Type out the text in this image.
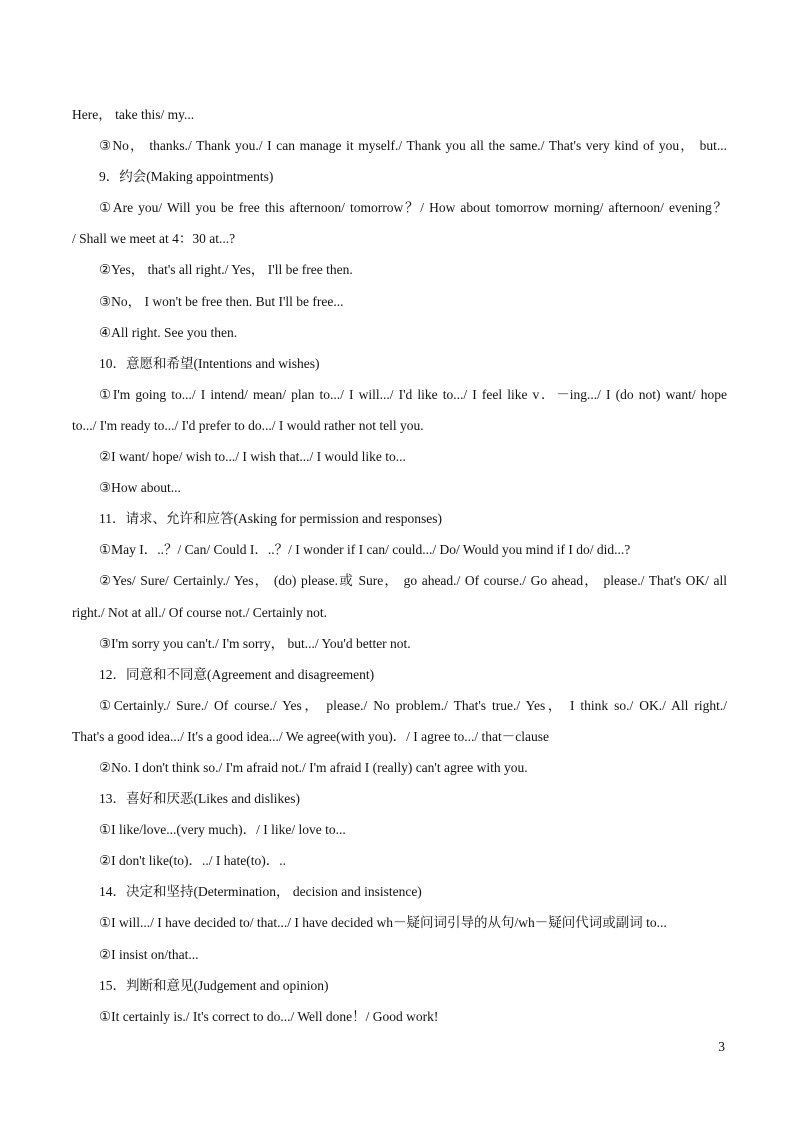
Here， take this/ my...
③No， thanks./ Thank you./ I can manage it myself./ Thank you all the same./ That's very kind of you， but...
9．约会(Making appointments)
①Are you/ Will you be free this afternoon/ tomorrow？/ How about tomorrow morning/ afternoon/ evening？
/ Shall we meet at 4：30 at...?
②Yes， that's all right./ Yes， I'll be free then.
③No， I won't be free then. But I'll be free...
④All right. See you then.
10．意愿和希望(Intentions and wishes)
①I'm going to.../ I intend/ mean/ plan to.../ I will.../ I'd like to.../ I feel like v．－ing.../ I (do not) want/ hope
to.../ I'm ready to.../ I'd prefer to do.../ I would rather not tell you.
②I want/ hope/ wish to.../ I wish that.../ I would like to...
③How about...
11．请求、允许和应答(Asking for permission and responses)
①May I．..？/ Can/ Could I．..？/ I wonder if I can/ could.../ Do/ Would you mind if I do/ did...?
②Yes/ Sure/ Certainly./ Yes， (do) please.或 Sure， go ahead./ Of course./ Go ahead， please./ That's OK/ all
right./ Not at all./ Of course not./ Certainly not.
③I'm sorry you can't./ I'm sorry， but.../ You'd better not.
12．同意和不同意(Agreement and disagreement)
①Certainly./ Sure./ Of course./ Yes， please./ No problem./ That's true./ Yes， I think so./ OK./ All right./
That's a good idea.../ It's a good idea.../ We agree(with you)．/ I agree to.../ that－clause
②No. I don't think so./ I'm afraid not./ I'm afraid I (really) can't agree with you.
13．喜好和厌恶(Likes and dislikes)
①I like/love...(very much)．/ I like/ love to...
②I don't like(to)．../ I hate(to)．..
14．决定和坚持(Determination， decision and insistence)
①I will.../ I have decided to/ that.../ I have decided wh－疑问词引导的从句/wh－疑问代词或副词 to...
②I insist on/that...
15．判断和意见(Judgement and opinion)
①It certainly is./ It's correct to do.../ Well done！/ Good work!
3
